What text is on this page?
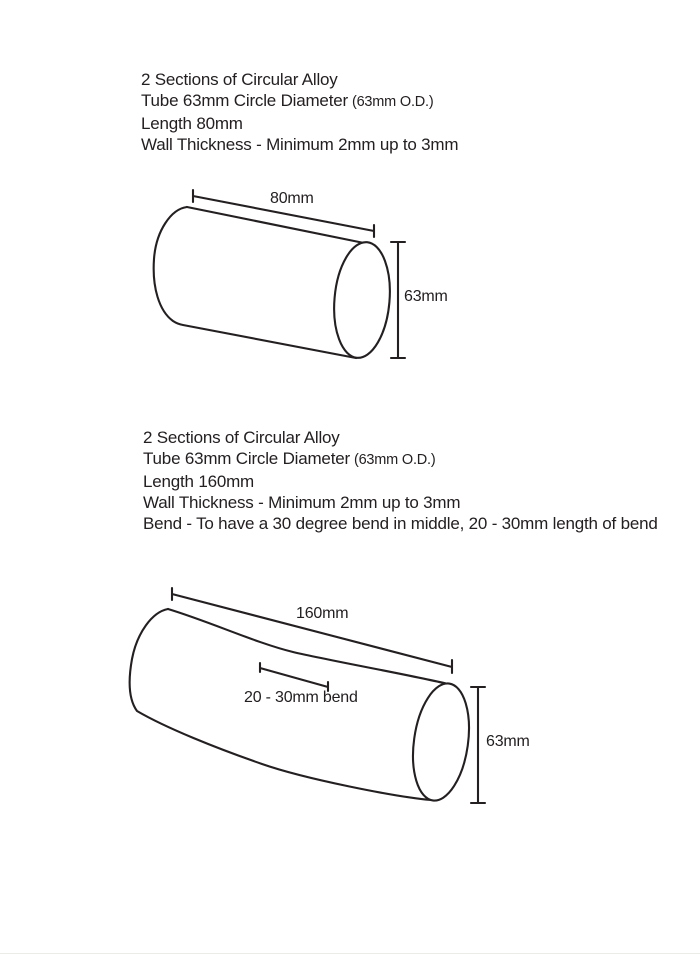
2 Sections of Circular Alloy
Tube 63mm Circle Diameter (63mm O.D.)
Length 80mm
Wall Thickness - Minimum 2mm up to 3mm
2 Sections of Circular Alloy
Tube 63mm Circle Diameter (63mm O.D.)
Length 160mm
Wall Thickness - Minimum 2mm up to 3mm
Bend - To have a 30 degree bend in middle, 20 - 30mm length of bend
80mm
63mm
160mm
20 - 30mm bend
63mm
